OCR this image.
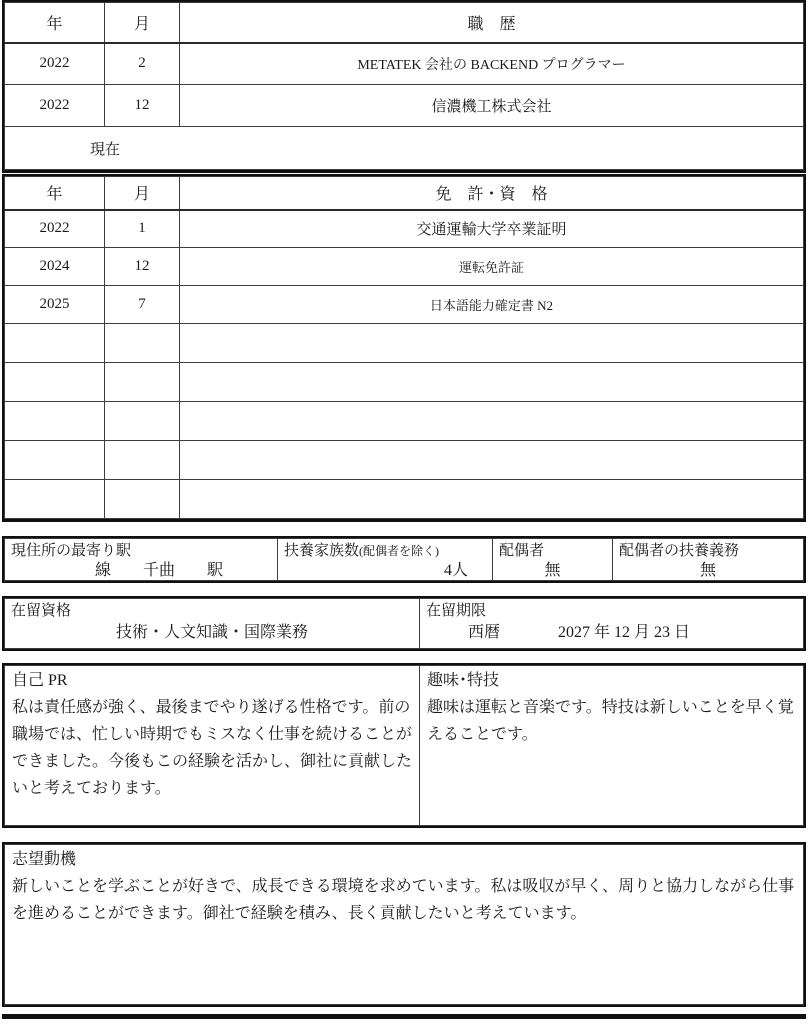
年	月	職　歴
2022	2	METATEK 会社の BACKEND プログラマー
2022	12	信濃機工株式会社
現在		
年	月	免　許・資　格
2022	1	交通運輸大学卒業証明
2024	12	運転免許証
2025	7	日本語能力確定書 N2

現住所の最寄り駅
線　　千曲　　駅

扶養家族数(配偶者を除く)
4人

配偶者
無

配偶者の扶養義務
無
在留資格
技術・人文知識・国際業務

在留期限
西暦	2027 年 12 月 23 日
自己 PR
私は責任感が強く、最後までやり遂げる性格です。前の職場では、忙しい時期でもミスなく仕事を続けることができました。今後もこの経験を活かし、御社に貢献したいと考えております。

趣味･特技
趣味は運転と音楽です。特技は新しいことを早く覚えることです。
志望動機
新しいことを学ぶことが好きで、成長できる環境を求めています。私は吸収が早く、周りと協力しながら仕事を進めることができます。御社で経験を積み、長く貢献したいと考えています。
